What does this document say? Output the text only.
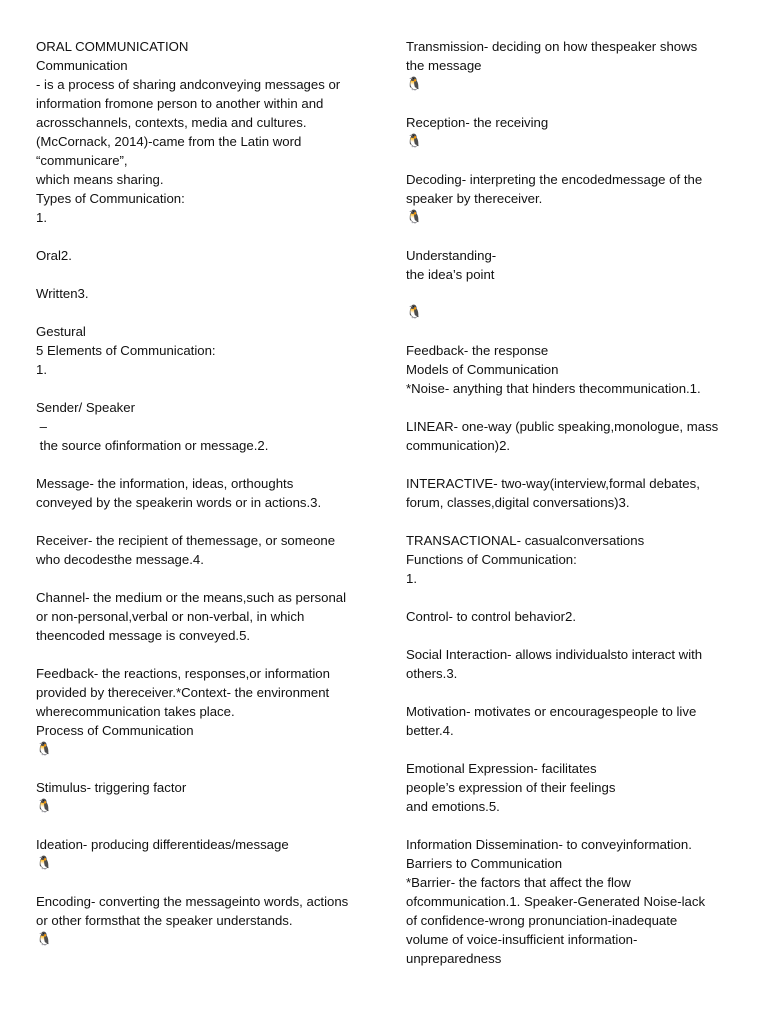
ORAL COMMUNICATION
Communication
- is a process of sharing andconveying messages or
information fromone person to another within and
acrosschannels, contexts, media and cultures.
(McCornack, 2014)-came from the Latin word
“communicare”,
which means sharing.
Types of Communication:
1.
Oral2.
Written3.
Gestural
5 Elements of Communication:
1.
Sender/ Speaker
–
the source ofinformation or message.2.
Message- the information, ideas, orthoughts
conveyed by the speakerin words or in actions.3.
Receiver- the recipient of themessage, or someone
who decodesthe message.4.
Channel- the medium or the means,such as personal
or non-personal,verbal or non-verbal, in which
theencoded message is conveyed.5.
Feedback- the reactions, responses,or information
provided by thereceiver.*Context- the environment
wherecommunication takes place.
Process of Communication
🐧
Stimulus- triggering factor
🐧
Ideation- producing differentideas/message
🐧
Encoding- converting the messageinto words, actions
or other formsthat the speaker understands.
🐧
Transmission- deciding on how thespeaker shows
the message
🐧
Reception- the receiving
🐧
Decoding- interpreting the encodedmessage of the
speaker by thereceiver.
🐧
Understanding-
the idea’s point
🐧
Feedback- the response
Models of Communication
*Noise- anything that hinders thecommunication.1.
LINEAR- one-way (public speaking,monologue, mass
communication)2.
INTERACTIVE- two-way(interview,formal debates,
forum, classes,digital conversations)3.
TRANSACTIONAL- casualconversations
Functions of Communication:
1.
Control- to control behavior2.
Social Interaction- allows individualsto interact with
others.3.
Motivation- motivates or encouragespeople to live
better.4.
Emotional Expression- facilitates
people’s expression of their feelings
and emotions.5.
Information Dissemination- to conveyinformation.
Barriers to Communication
*Barrier- the factors that affect the flow
ofcommunication.1. Speaker-Generated Noise-lack
of confidence-wrong pronunciation-inadequate
volume of voice-insufficient information-
unpreparedness
